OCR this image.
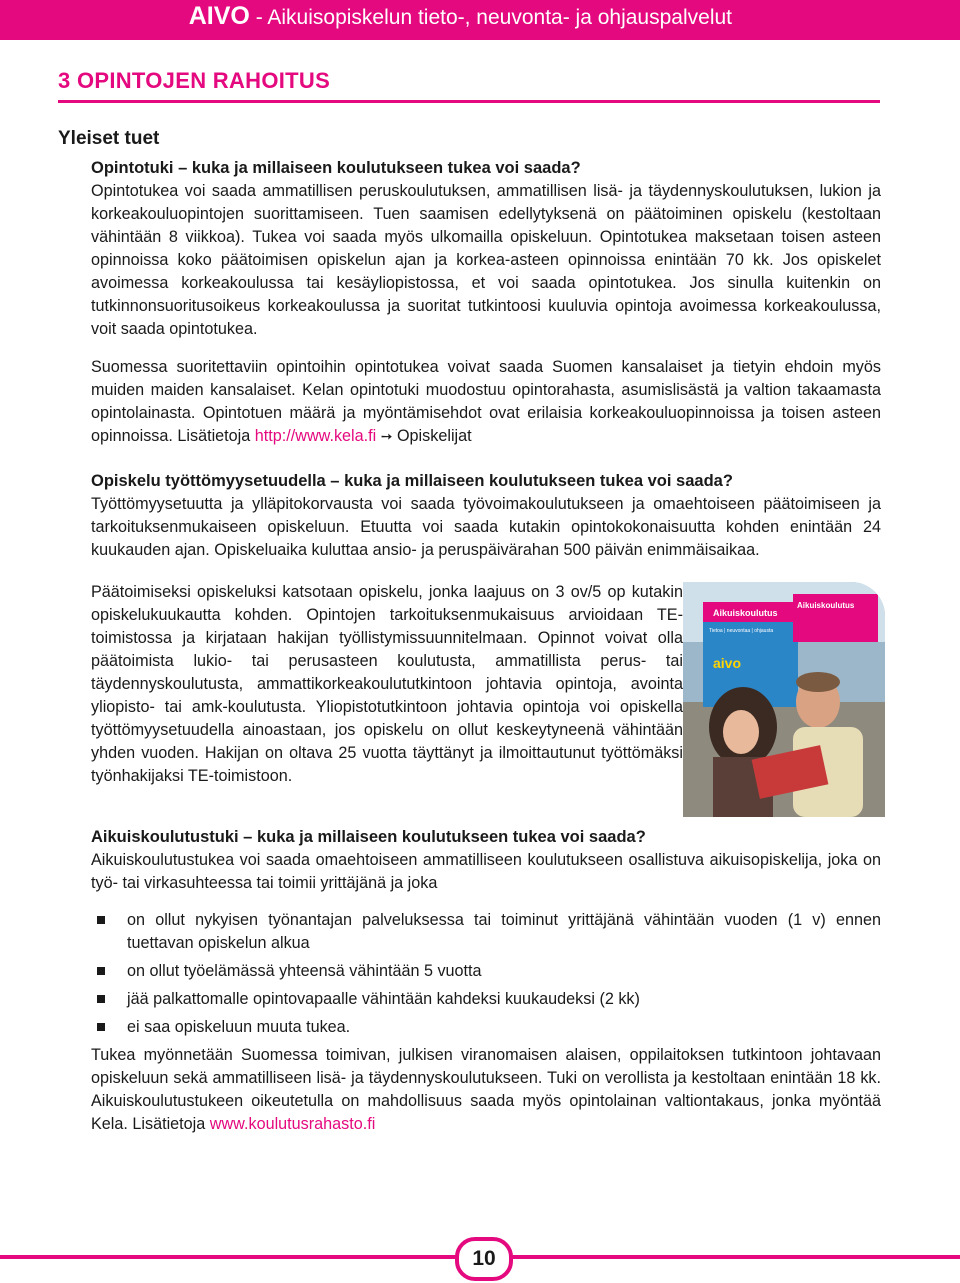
AIVO - Aikuisopiskelun tieto-, neuvonta- ja ohjauspalvelut
3 OPINTOJEN RAHOITUS
Yleiset tuet

Opintotuki – kuka ja millaiseen koulutukseen tukea voi saada?

Opintotukea voi saada ammatillisen peruskoulutuksen, ammatillisen lisä- ja täydennyskoulutuksen, lukion ja korkeakouluopintojen suorittamiseen. Tuen saamisen edellytyksenä on päätoiminen opiskelu (kestoltaan vähintään 8 viikkoa). Tukea voi saada myös ulkomailla opiskeluun. Opintotukea maksetaan toisen asteen opinnoissa koko päätoimisen opiskelun ajan ja korkea-asteen opinnoissa enintään 70 kk. Jos opiskelet avoimessa korkeakoulussa tai kesäyliopistossa, et voi saada opintotukea. Jos sinulla kuitenkin on tutkinnonsuoritusoikeus korkeakoulussa ja suoritat tutkintoosi kuuluvia opintoja avoimessa korkeakoulussa, voit saada opintotukea.

Suomessa suoritettaviin opintoihin opintotukea voivat saada Suomen kansalaiset ja tietyin ehdoin myös muiden maiden kansalaiset. Kelan opintotuki muodostuu opintorahasta, asumislisästä ja valtion takaamasta opintolainasta. Opintotuen määrä ja myöntämisehdot ovat erilaisia korkeakouluopinnoissa ja toisen asteen opinnoissa. Lisätietoja http://www.kela.fi ➙ Opiskelijat

Opiskelu työttömyysetuudella – kuka ja millaiseen koulutukseen tukea voi saada?

Työttömyysetuutta ja ylläpitokorvausta voi saada työvoimakoulutukseen ja omaehtoiseen päätoimiseen ja tarkoituksenmukaiseen opiskeluun. Etuutta voi saada kutakin opintokokonaisuutta kohden enintään 24 kuukauden ajan. Opiskeluaika kuluttaa ansio- ja peruspäivärahan 500 päivän enimmäisaikaa.

Päätoimiseksi opiskeluksi katsotaan opiskelu, jonka laajuus on 3 ov/5 op kutakin opiskelukuukautta kohden. Opintojen tarkoituksenmukaisuus arvioidaan TE-toimistossa ja kirjataan hakijan työllistymissuunnitelmaan. Opinnot voivat olla päätoimista lukio- tai perusasteen koulutusta, ammatillista perus- tai täydennyskoulutusta, ammattikorkeakoulututkintoon johtavia opintoja, avointa yliopisto- tai amk-koulutusta. Yliopistotutkintoon johtavia opintoja voi opiskella työttömyysetuudella ainoastaan, jos opiskelu on ollut keskeytyneenä vähintään yhden vuoden. Hakijan on oltava 25 vuotta täyttänyt ja ilmoittautunut työttömäksi työnhakijaksi TE-toimistoon.

Aikuiskoulutus
Tietoa | neuvontaa | ohjausta
aivo
Aikuiskoulutus

Aikuiskoulutustuki – kuka ja millaiseen koulutukseen tukea voi saada?

Aikuiskoulutustukea voi saada omaehtoiseen ammatilliseen koulutukseen osallistuva aikuisopiskelija, joka on työ- tai virkasuhteessa tai toimii yrittäjänä ja joka

on ollut nykyisen työnantajan palveluksessa tai toiminut yrittäjänä vähintään vuoden (1 v) ennen tuettavan opiskelun alkua
on ollut työelämässä yhteensä vähintään 5 vuotta
jää palkattomalle opintovapaalle vähintään kahdeksi kuukaudeksi (2 kk)
ei saa opiskeluun muuta tukea.

Tukea myönnetään Suomessa toimivan, julkisen viranomaisen alaisen, oppilaitoksen tutkintoon johtavaan opiskeluun sekä ammatilliseen lisä- ja täydennyskoulutukseen. Tuki on verollista ja kestoltaan enintään 18 kk. Aikuiskoulutustukeen oikeutetulla on mahdollisuus saada myös opintolainan valtiontakaus, jonka myöntää Kela. Lisätietoja www.koulutusrahasto.fi

10
